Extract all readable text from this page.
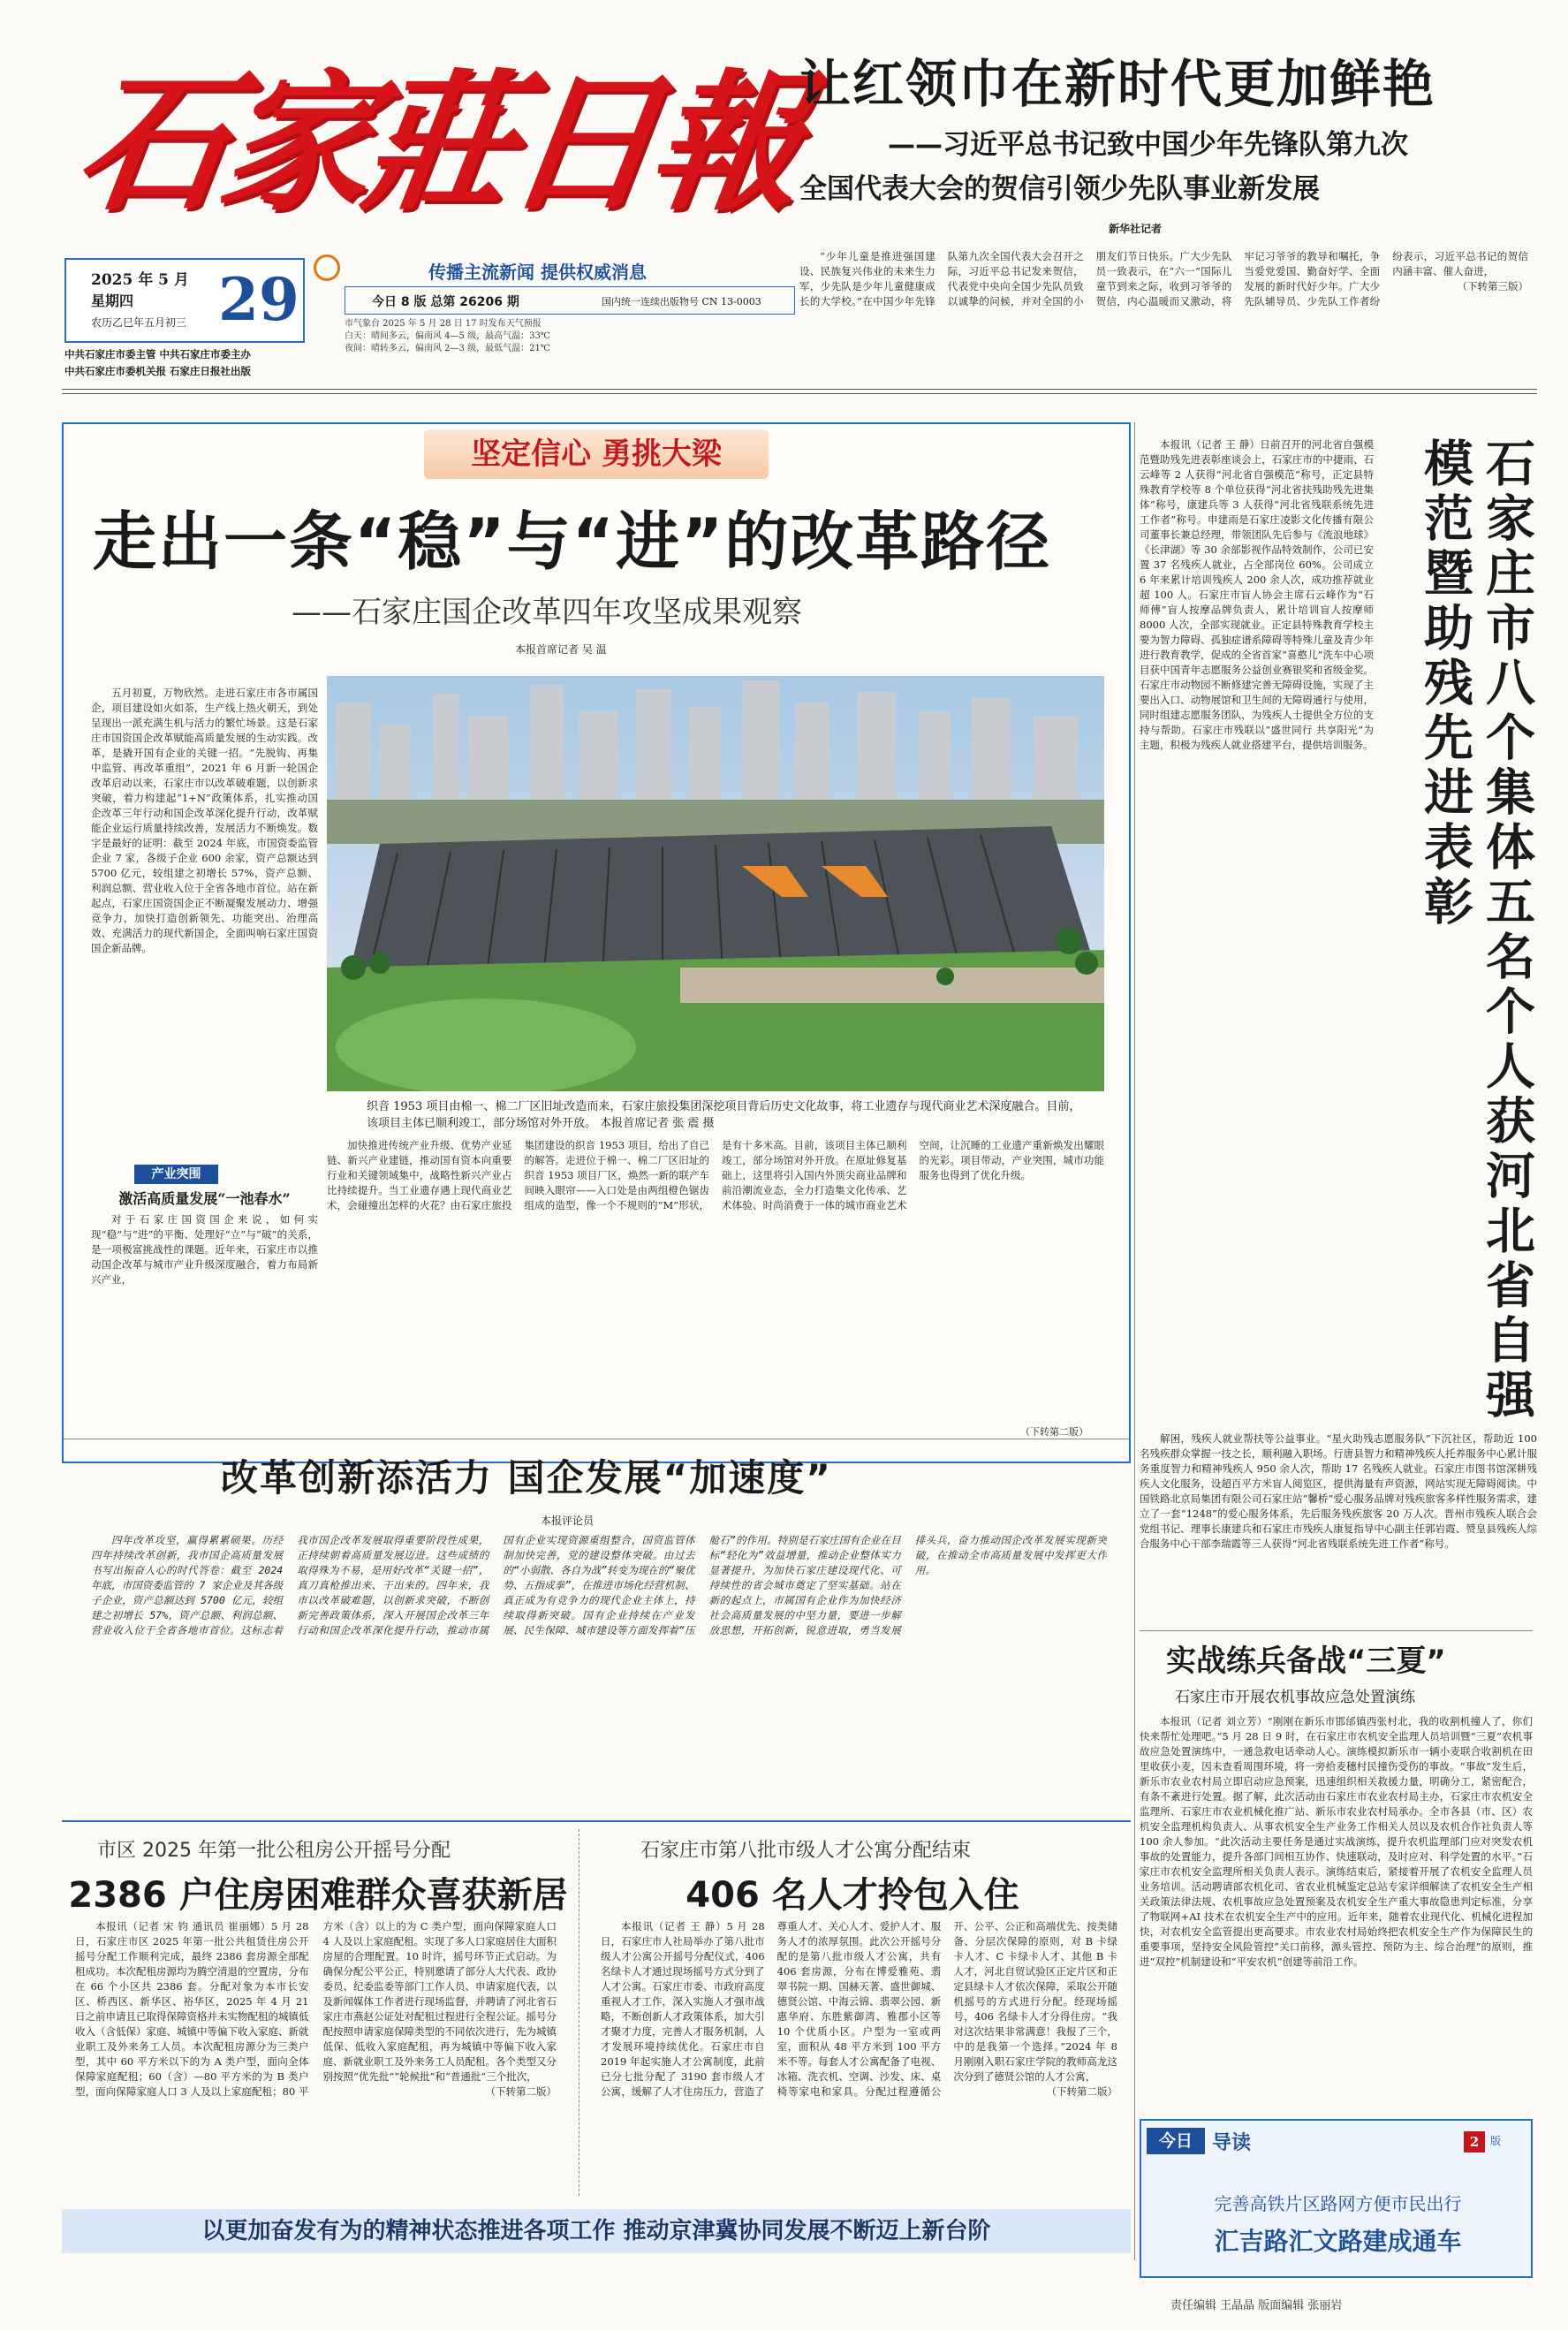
石家莊日報
让红领巾在新时代更加鲜艳
——习近平总书记致中国少年先锋队第九次
全国代表大会的贺信引领少先队事业新发展
新华社记者
2025 年 5 月
星期四
农历乙巳年五月初三 29
中共石家庄市委主管 中共石家庄市委主办
中共石家庄市委机关报 石家庄日报社出版
传播主流新闻 提供权威消息
今日 8 版 总第 26206 期	国内统一连续出版物号 CN 13-0003
市气象台 2025 年 5 月 28 日 17 时发布天气预报
白天：晴间多云，偏南风 4—5 级，最高气温：33℃
夜间：晴转多云，偏南风 2—3 级，最低气温：21℃

“少年儿童是推进强国建设、民族复兴伟业的未来生力军，少先队是少年儿童健康成长的大学校。”在中国少年先锋队第九次全国代表大会召开之际，习近平总书记发来贺信，代表党中央向全国少先队员致以诚挚的问候，并对全国的小朋友们节日快乐。广大少先队员一致表示，在“六一”国际儿童节到来之际，收到习爷爷的贺信，内心温暖而又激动，将牢记习爷爷的教导和嘱托，争当爱党爱国、勤奋好学、全面发展的新时代好少年。广大少先队辅导员、少先队工作者纷纷表示，习近平总书记的贺信内涵丰富、催人奋进，

（下转第三版）

坚定信心 勇挑大梁
走出一条“稳”与“进”的改革路径
——石家庄国企改革四年攻坚成果观察
本报首席记者 吴 温
织音 1953 项目由棉一、棉二厂区旧址改造而来，石家庄旅投集团深挖项目背后历史文化故事，将工业遗存与现代商业艺术深度融合。目前，该项目主体已顺利竣工，部分场馆对外开放。 本报首席记者 张 震 摄

五月初夏，万物欣然。走进石家庄市各市属国企，项目建设如火如荼，生产线上热火朝天，到处呈现出一派充满生机与活力的繁忙场景。这是石家庄市国资国企改革赋能高质量发展的生动实践。改革，是撬开国有企业的关键一招。“先脱钩、再集中监管、再改革重组”，2021 年 6 月新一轮国企改革启动以来，石家庄市以改革破难题，以创新求突破，着力构建起“1+N”政策体系，扎实推动国企改革三年行动和国企改革深化提升行动，改革赋能企业运行质量持续改善，发展活力不断焕发。数字是最好的证明：截至 2024 年底，市国资委监管企业 7 家，各级子企业 600 余家，资产总额达到 5700 亿元，较组建之初增长 57%，资产总额、利润总额、营业收入位于全省各地市首位。站在新起点，石家庄国资国企正不断凝聚发展动力、增强竞争力，加快打造创新领先、功能突出、治理高效、充满活力的现代新国企，全面叫响石家庄国资国企新品牌。

产业突围
激活高质量发展“一池春水”

对于石家庄国资国企来说，如何实现“稳”与“进”的平衡、处理好“立”与“破”的关系，是一项极富挑战性的课题。近年来，石家庄市以推动国企改革与城市产业升级深度融合，着力布局新兴产业，

加快推进传统产业升级、优势产业延链、新兴产业建链，推动国有资本向重要行业和关键领域集中，战略性新兴产业占比持续提升。当工业遗存遇上现代商业艺术，会碰撞出怎样的火花？由石家庄旅投集团建设的织音 1953 项目，给出了自己的解答。走进位于棉一、棉二厂区旧址的织音 1953 项目厂区，焕然一新的联产车间映入眼帘——入口处是由两组橙色锯齿组成的造型，像一个不规则的“M”形状，是有十多米高。目前，该项目主体已顺利竣工，部分场馆对外开放。在原址修复基础上，这里将引入国内外顶尖商业品牌和前沿潮流业态，全力打造集文化传承、艺术体验、时尚消费于一体的城市商业艺术空间，让沉睡的工业遗产重新焕发出耀眼的光彩。项目带动，产业突围，城市功能服务也得到了优化升级。

（下转第二版）
改革创新添活力 国企发展“加速度”
本报评论员

四年改革攻坚，赢得累累硕果。历经四年持续改革创新，我市国企高质量发展书写出振奋人心的时代答卷：截至 2024 年底，市国资委监管的 7 家企业及其各级子企业，资产总额达到 5700 亿元，较组建之初增长 57%，资产总额、利润总额、营业收入位于全省各地市首位。这标志着我市国企改革发展取得重要阶段性成果，正持续朝着高质量发展迈进。这些成绩的取得殊为不易，是用好改革“关键一招”，真刀真枪推出来、干出来的。四年来，我市以改革破难题，以创新求突破，不断创新完善政策体系，深入开展国企改革三年行动和国企改革深化提升行动，推动市属国有企业实现资源重组整合，国资监管体制加快完善，党的建设整体突破。由过去的“小弱散、各自为战”转变为现在的“聚优势、五指成拳”，在推进市场化经营机制、真正成为有竞争力的现代企业主体上，持续取得新突破。国有企业持续在产业发展、民生保障、城市建设等方面发挥着“压舱石”的作用。特别是石家庄国有企业在目标“轻化为”效益增量，推动企业整体实力显著提升，为加快石家庄建设现代化、可持续性的省会城市奠定了坚实基础。站在新的起点上，市属国有企业作为加快经济社会高质量发展的中坚力量，要进一步解放思想，开拓创新，锐意进取，勇当发展排头兵，奋力推动国企改革发展实现新突破，在推动全市高质量发展中发挥更大作用。

石家庄市八个集体五名个人获河北省自强模范暨助残先进表彰

本报讯（记者 王 静）日前召开的河北省自强模范暨助残先进表彰座谈会上，石家庄市的中捷雨、石云峰等 2 人获得“河北省自强模范”称号，正定县特殊教育学校等 8 个单位获得“河北省扶残助残先进集体”称号，康建兵等 3 人获得“河北省残联系统先进工作者”称号。申建雨是石家庄凌影文化传播有限公司董事长兼总经理，带领团队先后参与《流浪地球》《长津湖》等 30 余部影视作品特效制作，公司已安置 37 名残疾人就业，占全部岗位 60%。公司成立 6 年来累计培训残疾人 200 余人次，成功推荐就业超 100 人。石家庄市盲人协会主席石云峰作为“石师傅”盲人按摩品牌负责人，累计培训盲人按摩师 8000 人次，全部实现就业。正定县特殊教育学校主要为智力障碍、孤独症谱系障碍等特殊儿童及青少年进行教育教学，促成的全省首家“喜憨儿”洗车中心项目获中国青年志愿服务公益创业赛银奖和省级金奖。石家庄市动物园不断修建完善无障碍设施，实现了主要出入口、动物展馆和卫生间的无障碍通行与使用，同时组建志愿服务团队，为残疾人士提供全方位的支持与帮助。石家庄市残联以“盛世同行 共享阳光”为主题，积极为残疾人就业搭建平台，提供培训服务。

解困，残疾人就业帮扶等公益事业。“星火助残志愿服务队”下沉社区，帮助近 100 名残疾群众掌握一技之长，顺利融入职场。行唐县智力和精神残疾人托养服务中心累计服务重度智力和精神残疾人 950 余人次，帮助 17 名残疾人就业。石家庄市图书馆深耕残疾人文化服务，设超百平方米盲人阅览区，提供海量有声资源，网站实现无障碍阅读。中国铁路北京局集团有限公司石家庄站“馨桥”爱心服务品牌对残疾旅客多样性服务需求，建立了一套“1248”的爱心服务体系，先后服务残疾旅客 20 万人次。晋州市残疾人联合会党组书记、理事长康建兵和石家庄市残疾人康复指导中心副主任郭岩霞、赞皇县残疾人综合服务中心干部李瑞霞等三人获得“河北省残联系统先进工作者”称号。

实战练兵备战“三夏”
石家庄市开展农机事故应急处置演练

本报讯（记者 刘立芳）“刚刚在新乐市邯邰镇西张村北，我的收割机撞人了，你们快来帮忙处理吧。”5 月 28 日 9 时，在石家庄市农机安全监理人员培训暨“三夏”农机事故应急处置演练中，一通急救电话牵动人心。演练模拟新乐市一辆小麦联合收割机在田里收获小麦，因未查看周围环境，将一旁拾麦穗村民撞伤受伤的事故。“事故”发生后，新乐市农业农村局立即启动应急预案，迅速组织相关救援力量，明确分工，紧密配合，有条不紊进行处置。据了解，此次活动由石家庄市农业农村局主办，石家庄市农机安全监理所、石家庄市农业机械化推广站、新乐市农业农村局承办。全市各县（市、区）农机安全监理机构负责人、从事农机安全生产业务工作相关人员以及农机合作社负责人等 100 余人参加。“此次活动主要任务是通过实战演练，提升农机监理部门应对突发农机事故的处置能力，提升各部门间相互协作、快速联动，及时应对、科学处置的水平。”石家庄市农机安全监理所相关负责人表示。演练结束后，紧接着开展了农机安全监理人员业务培训。活动聘请部农机化司、省农业机械鉴定总站专家详细解读了农机安全生产相关政策法律法规、农机事故应急处置预案及农机安全生产重大事故隐患判定标准，分享了物联网+AI 技术在农机安全生产中的应用。近年来，随着农业现代化、机械化进程加快，对农机安全监管提出更高要求。市农业农村局始终把农机安全生产作为保障民生的重要事项，坚持安全风险管控“关口前移，源头管控、预防为主、综合治理”的原则，推进“双控”机制建设和“平安农机”创建等前沿工作。

今日	导读	2	版
完善高铁片区路网方便市民出行
汇吉路汇文路建成通车
市区 2025 年第一批公租房公开摇号分配
2386 户住房困难群众喜获新居

本报讯（记者 宋 钧 通讯员 崔丽娜）5 月 28 日，石家庄市区 2025 年第一批公共租赁住房公开摇号分配工作顺利完成，最终 2386 套房源全部配租成功。本次配租房源均为腾空清退的空置房，分布在 66 个小区共 2386 套。分配对象为本市长安区、桥西区、新华区、裕华区，2025 年 4 月 21 日之前申请且已取得保障资格并未实物配租的城镇低收入（含低保）家庭、城镇中等偏下收入家庭、新就业职工及外来务工人员。本次配租房源分为三类户型，其中 60 平方米以下的为 A 类户型，面向全体保障家庭配租；60（含）—80 平方米的为 B 类户型，面向保障家庭人口 3 人及以上家庭配租；80 平方米（含）以上的为 C 类户型，面向保障家庭人口 4 人及以上家庭配租。实现了多人口家庭居住大面积房屋的合理配置。10 时许，摇号环节正式启动。为确保分配公平公正，特别邀请了部分人大代表、政协委员、纪委监委等部门工作人员、申请家庭代表，以及新闻媒体工作者进行现场监督，并聘请了河北省石家庄市燕赵公证处对配租过程进行全程公证。摇号分配按照申请家庭保障类型的不同依次进行，先为城镇低保、低收入家庭配租，再为城镇中等偏下收入家庭、新就业职工及外来务工人员配租。各个类型又分别按照“优先批”“轮候批”和“普通批”三个批次，

（下转第二版）

石家庄市第八批市级人才公寓分配结束
406 名人才拎包入住

本报讯（记者 王 静）5 月 28 日，石家庄市人社局举办了第八批市级人才公寓公开摇号分配仪式，406 名绿卡人才通过现场摇号方式分到了人才公寓。石家庄市委、市政府高度重视人才工作，深入实施人才强市战略，不断创新人才政策体系，加大引才聚才力度，完善人才服务机制，人才发展环境持续优化。石家庄市自 2019 年起实施人才公寓制度，此前已分七批分配了 3190 套市级人才公寓，缓解了人才住房压力，营造了尊重人才、关心人才、爱护人才、服务人才的浓厚氛围。此次公开摇号分配的是第八批市级人才公寓，共有 406 套房源，分布在博爱雅苑、翡翠书院一期、国赫天著、盛世御城、德贤公馆、中海云锦、翡翠公园、新惠华府、东胜紫御湾、雅郡小区等 10 个优质小区。户型为一室或两室，面积从 48 平方米到 100 平方米不等。每套人才公寓配备了电视、冰箱、洗衣机、空调、沙发、床、桌椅等家电和家具。分配过程遵循公开、公平、公正和高端优先、按类储备、分层次保障的原则，对 B 卡绿卡人才、C 卡绿卡人才、其他 B 卡人才，河北自贸试验区正定片区和正定县绿卡人才依次保障，采取公开随机摇号的方式进行分配。经现场摇号，406 名绿卡人才分得住房。“我对这次结果非常满意！我报了三个，中的是我第一个选择。”2024 年 8 月刚刚入职石家庄学院的教师高龙这次分到了德贤公馆的人才公寓，

（下转第二版）

以更加奋发有为的精神状态推进各项工作 推动京津冀协同发展不断迈上新台阶
责任编辑 王晶晶 版面编辑 张丽岩
